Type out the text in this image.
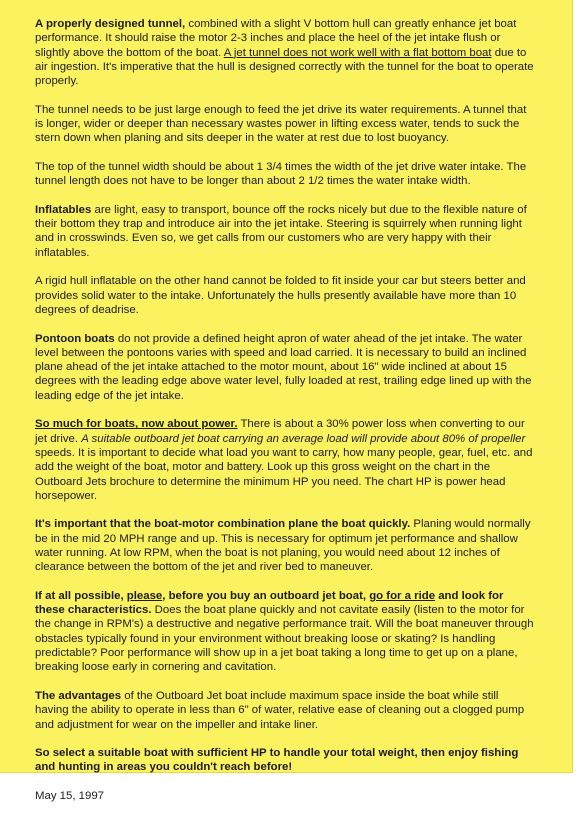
A properly designed tunnel, combined with a slight V bottom hull can greatly enhance jet boat performance. It should raise the motor 2-3 inches and place the heel of the jet intake flush or slightly above the bottom of the boat. A jet tunnel does not work well with a flat bottom boat due to air ingestion. It's imperative that the hull is designed correctly with the tunnel for the boat to operate properly.

The tunnel needs to be just large enough to feed the jet drive its water requirements. A tunnel that is longer, wider or deeper than necessary wastes power in lifting excess water, tends to suck the stern down when planing and sits deeper in the water at rest due to lost buoyancy.

The top of the tunnel width should be about 1 3/4 times the width of the jet drive water intake. The tunnel length does not have to be longer than about 2 1/2 times the water intake width.

Inflatables are light, easy to transport, bounce off the rocks nicely but due to the flexible nature of their bottom they trap and introduce air into the jet intake. Steering is squirrely when running light and in crosswinds. Even so, we get calls from our customers who are very happy with their inflatables.

A rigid hull inflatable on the other hand cannot be folded to fit inside your car but steers better and provides solid water to the intake. Unfortunately the hulls presently available have more than 10 degrees of deadrise.

Pontoon boats do not provide a defined height apron of water ahead of the jet intake. The water level between the pontoons varies with speed and load carried. It is necessary to build an inclined plane ahead of the jet intake attached to the motor mount, about 16" wide inclined at about 15 degrees with the leading edge above water level, fully loaded at rest, trailing edge lined up with the leading edge of the jet intake.

So much for boats, now about power. There is about a 30% power loss when converting to our jet drive. A suitable outboard jet boat carrying an average load will provide about 80% of propeller speeds. It is important to decide what load you want to carry, how many people, gear, fuel, etc. and add the weight of the boat, motor and battery. Look up this gross weight on the chart in the Outboard Jets brochure to determine the minimum HP you need. The chart HP is power head horsepower.

It's important that the boat-motor combination plane the boat quickly. Planing would normally be in the mid 20 MPH range and up. This is necessary for optimum jet performance and shallow water running. At low RPM, when the boat is not planing, you would need about 12 inches of clearance between the bottom of the jet and river bed to maneuver.

If at all possible, please, before you buy an outboard jet boat, go for a ride and look for these characteristics. Does the boat plane quickly and not cavitate easily (listen to the motor for the change in RPM's) a destructive and negative performance trait. Will the boat maneuver through obstacles typically found in your environment without breaking loose or skating? Is handling predictable? Poor performance will show up in a jet boat taking a long time to get up on a plane, breaking loose early in cornering and cavitation.

The advantages of the Outboard Jet boat include maximum space inside the boat while still having the ability to operate in less than 6" of water, relative ease of cleaning out a clogged pump and adjustment for wear on the impeller and intake liner.

So select a suitable boat with sufficient HP to handle your total weight, then enjoy fishing and hunting in areas you couldn't reach before!

May 15, 1997
